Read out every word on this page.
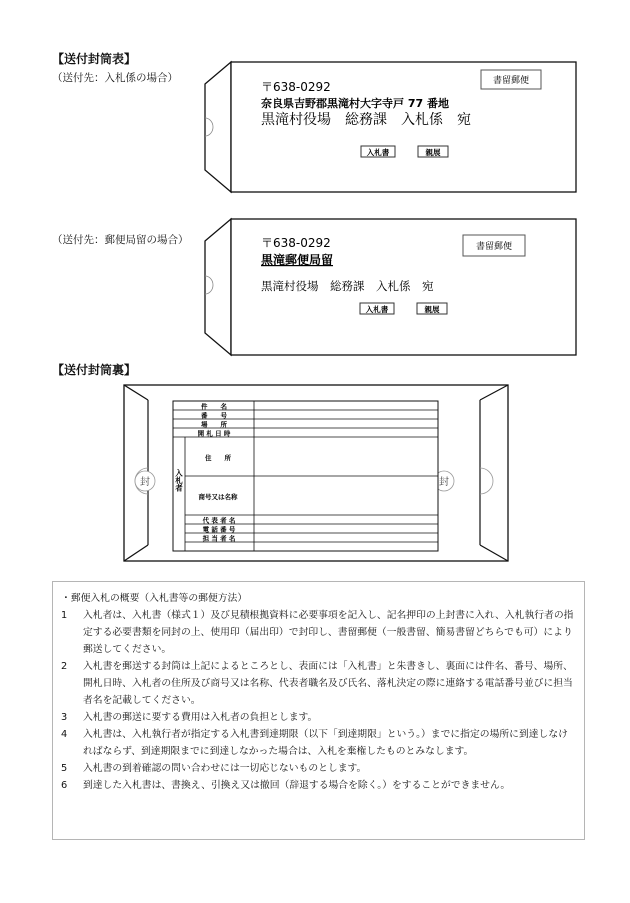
【送付封筒表】
（送付先：入札係の場合）
〒638-0292
奈良県吉野郡黒滝村大字寺戸 77 番地
黒滝村役場　総務課　入札係　宛
書留郵便
入札書	親展
（送付先：郵便局留の場合）	〒638-0292
黒滝郵便局留
黒滝村役場　総務課　入札係　宛
書留郵便
入札書	親展
【送付封筒裏】
封	封
件　　名
番　　号
場　　所
開 札 日 時
入札者
住　　所
商号又は名称
代 表 者 名
電 話 番 号
担 当 者 名

・郵便入札の概要（入札書等の郵便方法）

1	入札者は、入札書（様式１）及び見積根拠資料に必要事項を記入し、記名押印の上封書に入れ、入札執行者の指定する必要書類を同封の上、使用印（届出印）で封印し、書留郵便（一般書留、簡易書留どちらでも可）により郵送してください。

2	入札書を郵送する封筒は上記によるところとし、表面には「入札書」と朱書きし、裏面には件名、番号、場所、開札日時、入札者の住所及び商号又は名称、代表者職名及び氏名、落札決定の際に連絡する電話番号並びに担当者名を記載してください。

3	入札書の郵送に要する費用は入札者の負担とします。

4	入札書は、入札執行者が指定する入札書到達期限（以下「到達期限」という。）までに指定の場所に到達しなければならず、到達期限までに到達しなかった場合は、入札を棄権したものとみなします。

5	入札書の到着確認の問い合わせには一切応じないものとします。

6	到達した入札書は、書換え、引換え又は撤回（辞退する場合を除く。）をすることができません。
